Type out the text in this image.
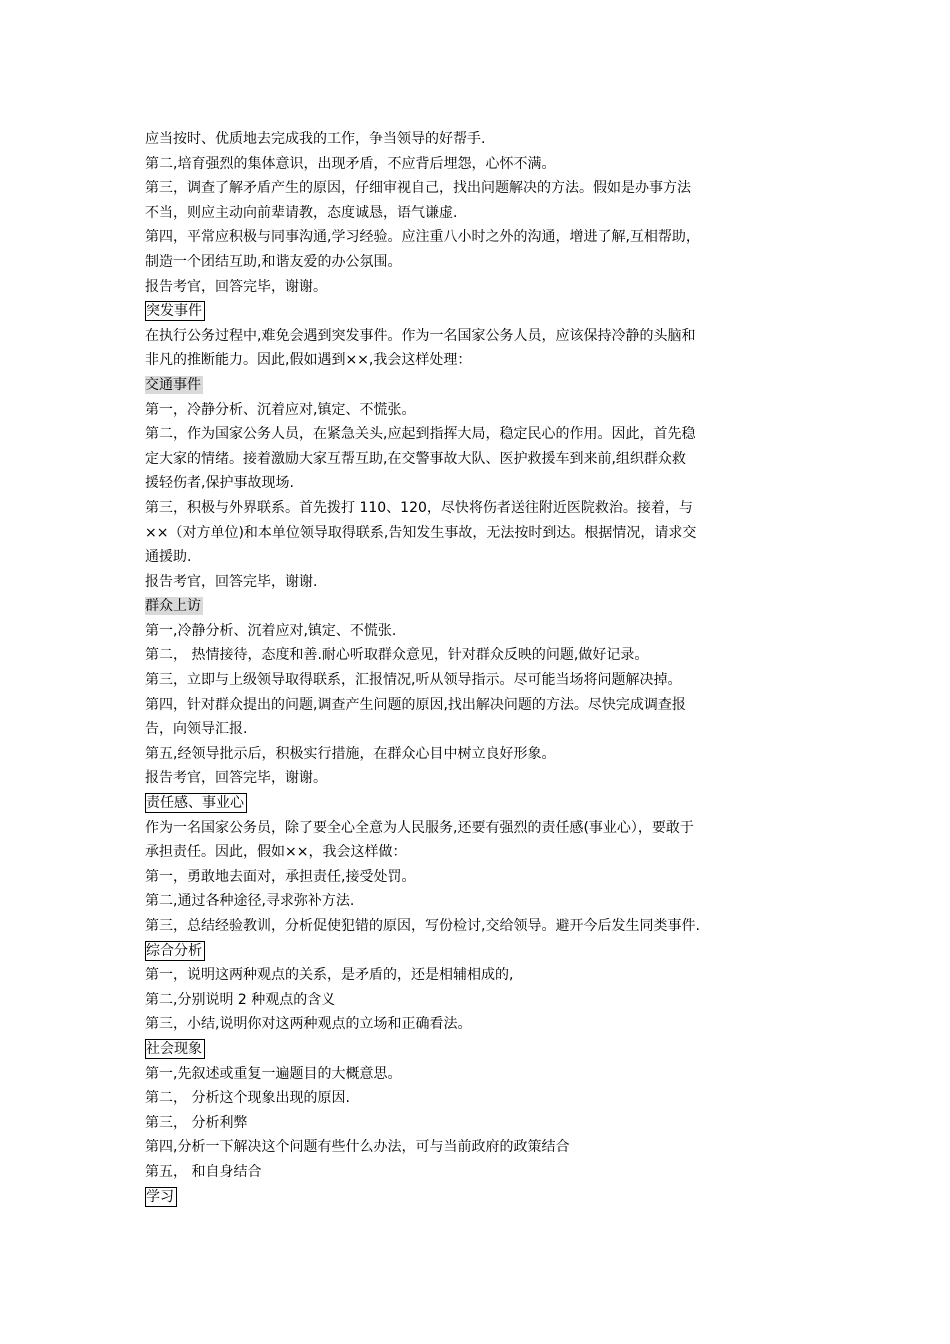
应当按时、优质地去完成我的工作，争当领导的好帮手.
第二,培育强烈的集体意识，出现矛盾，不应背后埋怨，心怀不满。
第三，调查了解矛盾产生的原因，仔细审视自己，找出问题解决的方法。假如是办事方法
不当，则应主动向前辈请教，态度诚恳，语气谦虚.
第四，平常应积极与同事沟通,学习经验。应注重八小时之外的沟通，增进了解,互相帮助，
制造一个团结互助,和谐友爱的办公氛围。
报告考官，回答完毕，谢谢。
突发事件
在执行公务过程中,难免会遇到突发事件。作为一名国家公务人员，应该保持冷静的头脑和
非凡的推断能力。因此,假如遇到××,我会这样处理：
交通事件
第一，冷静分析、沉着应对,镇定、不慌张。
第二，作为国家公务人员，在紧急关头,应起到指挥大局，稳定民心的作用。因此，首先稳
定大家的情绪。接着激励大家互帮互助,在交警事故大队、医护救援车到来前,组织群众救
援轻伤者,保护事故现场.
第三，积极与外界联系。首先拨打 110、120，尽快将伤者送往附近医院救治。接着，与
××（对方单位)和本单位领导取得联系,告知发生事故，无法按时到达。根据情况，请求交
通援助.
报告考官，回答完毕，谢谢.
群众上访
第一,冷静分析、沉着应对,镇定、不慌张.
第二， 热情接待，态度和善.耐心听取群众意见，针对群众反映的问题,做好记录。
第三，立即与上级领导取得联系，汇报情况,听从领导指示。尽可能当场将问题解决掉。
第四，针对群众提出的问题,调查产生问题的原因,找出解决问题的方法。尽快完成调查报
告，向领导汇报.
第五,经领导批示后，积极实行措施，在群众心目中树立良好形象。
报告考官，回答完毕，谢谢。
责任感、事业心
作为一名国家公务员，除了要全心全意为人民服务,还要有强烈的责任感(事业心），要敢于
承担责任。因此，假如××，我会这样做：
第一，勇敢地去面对，承担责任,接受处罚。
第二,通过各种途径,寻求弥补方法.
第三，总结经验教训，分析促使犯错的原因，写份检讨,交给领导。避开今后发生同类事件.
综合分析
第一，说明这两种观点的关系，是矛盾的，还是相辅相成的,
第二,分别说明 2 种观点的含义
第三，小结,说明你对这两种观点的立场和正确看法。
社会现象
第一,先叙述或重复一遍题目的大概意思。
第二， 分析这个现象出现的原因.
第三， 分析利弊
第四,分析一下解决这个问题有些什么办法，可与当前政府的政策结合
第五， 和自身结合
学习
